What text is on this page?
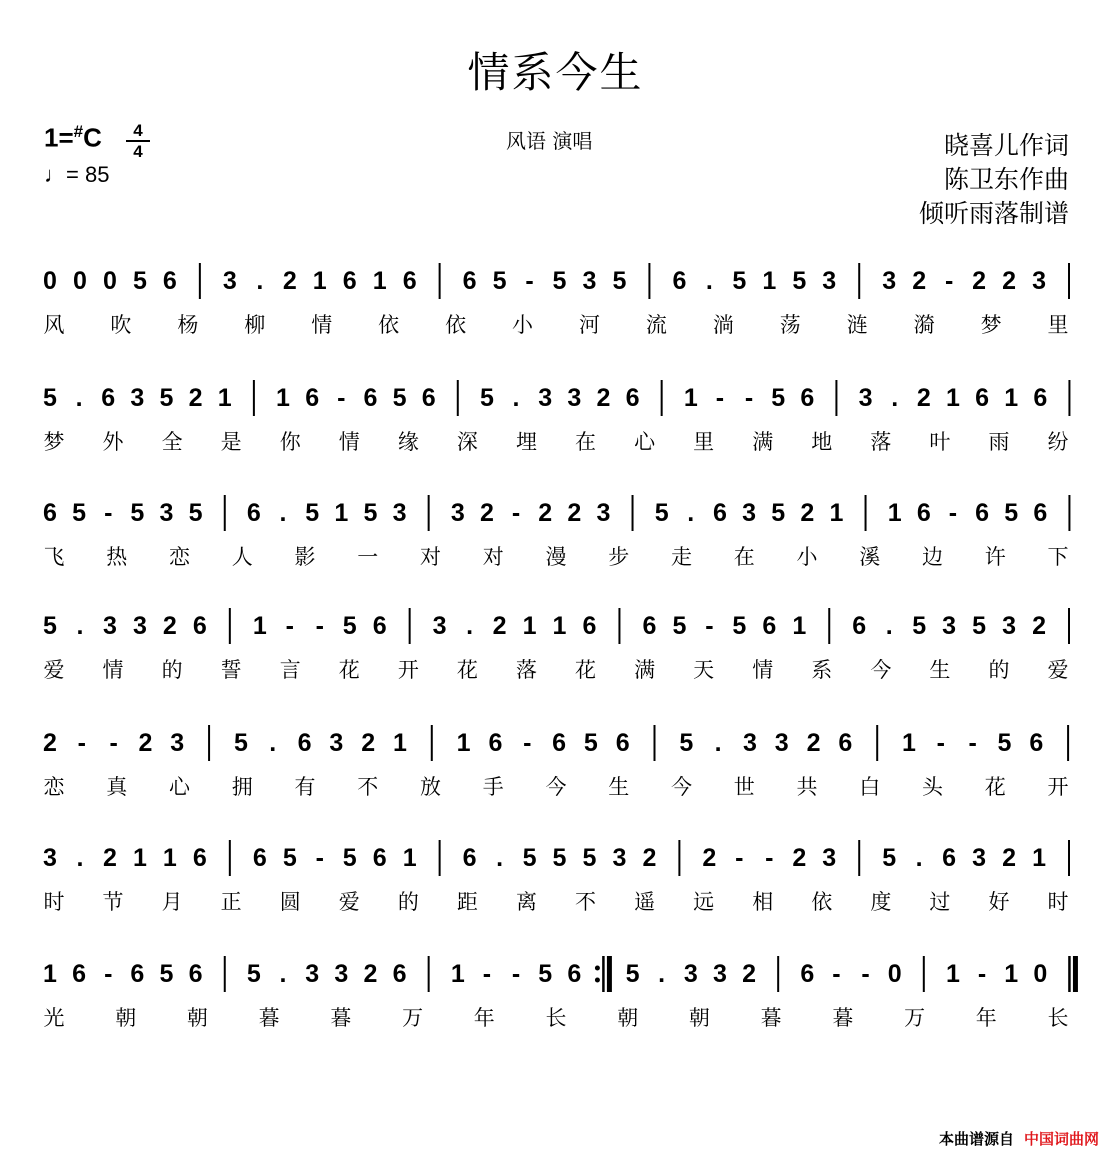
情系今生
1=#C	4
4
♩= 85
风语 演唱	晓喜儿作词
陈卫东作曲
倾听雨落制谱
0 0 0 5 6 3 . 2 1 6 1 6 6 5 - 5 3 5 6 . 5 1 5 3 3 2 - 2 2 3
风 吹 杨 柳 情 依 依 小 河 流 淌 荡 涟 漪 梦 里
5 . 6 3 5 2 1 1 6 - 6 5 6 5 . 3 3 2 6 1 - - 5 6 3 . 2 1 6 1 6
梦 外 全 是 你 情 缘 深 埋 在 心 里 满 地 落 叶 雨 纷
6 5 - 5 3 5 6 . 5 1 5 3 3 2 - 2 2 3 5 . 6 3 5 2 1 1 6 - 6 5 6
飞 热 恋 人 影 一 对 对 漫 步 走 在 小 溪 边 许 下
5 . 3 3 2 6 1 - - 5 6 3 . 2 1 1 6 6 5 - 5 6 1 6 . 5 3 5 3 2
爱 情 的 誓 言 花 开 花 落 花 满 天 情 系 今 生 的 爱
2 - - 2 3 5 . 6 3 2 1 1 6 - 6 5 6 5 . 3 3 2 6 1 - - 5 6
恋 真 心 拥 有 不 放 手 今 生 今 世 共 白 头 花 开
3 . 2 1 1 6 6 5 - 5 6 1 6 . 5 5 5 3 2 2 - - 2 3 5 . 6 3 2 1
时 节 月 正 圆 爱 的 距 离 不 遥 远 相 依 度 过 好 时
1 6 - 6 5 6 5 . 3 3 2 6 1 - - 5 6 5 . 3 3 2 6 - - 0 1 - 1 0
光 朝 朝 暮 暮 万 年 长 朝 朝 暮 暮 万 年 长
本曲谱源自 中国词曲网
